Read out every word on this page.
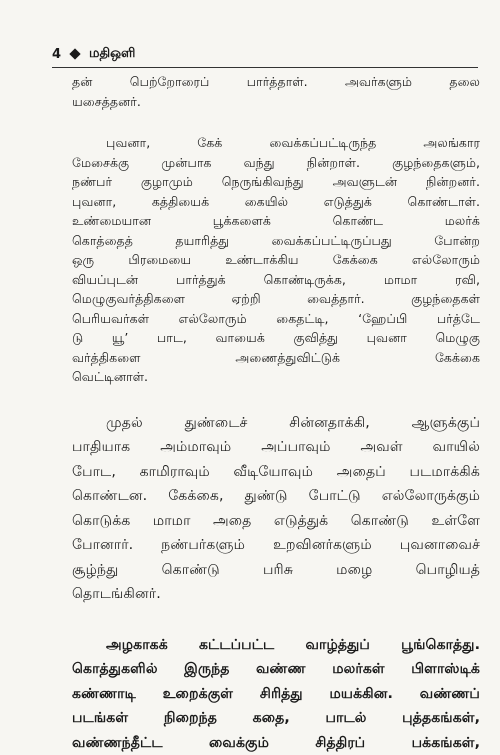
4 மதிஒளி
தன் பெற்றோரைப் பார்த்தாள். அவர்களும் தலை
யசைத்தனர்.
புவனா, கேக் வைக்கப்பட்டிருந்த அலங்கார
மேசைக்கு முன்பாக வந்து நின்றாள். குழந்தைகளும்,
நண்பர் குழாமும் நெருங்கிவந்து அவளுடன் நின்றனர்.
புவனா, கத்தியைக் கையில் எடுத்துக் கொண்டாள்.
உண்மையான பூக்களைக் கொண்ட மலர்க்
கொத்தைத் தயாரித்து வைக்கப்பட்டிருப்பது போன்ற
ஒரு பிரமையை உண்டாக்கிய கேக்கை எல்லோரும்
வியப்புடன் பார்த்துக் கொண்டிருக்க, மாமா ரவி,
மெழுகுவர்த்திகளை ஏற்றி வைத்தார். குழந்தைகள்
பெரியவர்கள் எல்லோரும் கைதட்டி, ‘ஹேப்பி பர்த்டே
டு யூ’ பாட, வாயைக் குவித்து புவனா மெழுகு
வர்த்திகளை அணைத்துவிட்டுக் கேக்கை
வெட்டினாள்.
முதல் துண்டைச் சின்னதாக்கி, ஆளுக்குப்
பாதியாக அம்மாவும் அப்பாவும் அவள் வாயில்
போட, காமிராவும் வீடியோவும் அதைப் படமாக்கிக்
கொண்டன. கேக்கை, துண்டு போட்டு எல்லோருக்கும்
கொடுக்க மாமா அதை எடுத்துக் கொண்டு உள்ளே
போனார். நண்பர்களும் உறவினர்களும் புவனாவைச்
சூழ்ந்து கொண்டு பரிசு மழை பொழியத்
தொடங்கினர்.
அழகாகக் கட்டப்பட்ட வாழ்த்துப் பூங்கொத்து.
கொத்துகளில் இருந்த வண்ண மலர்கள் பிளாஸ்டிக்
கண்ணாடி உறைக்குள் சிரித்து மயக்கின. வண்ணப்
படங்கள் நிறைந்த கதை, பாடல் புத்தகங்கள்,
வண்ணந்தீட்ட வைக்கும் சித்திரப் பக்கங்கள்,
